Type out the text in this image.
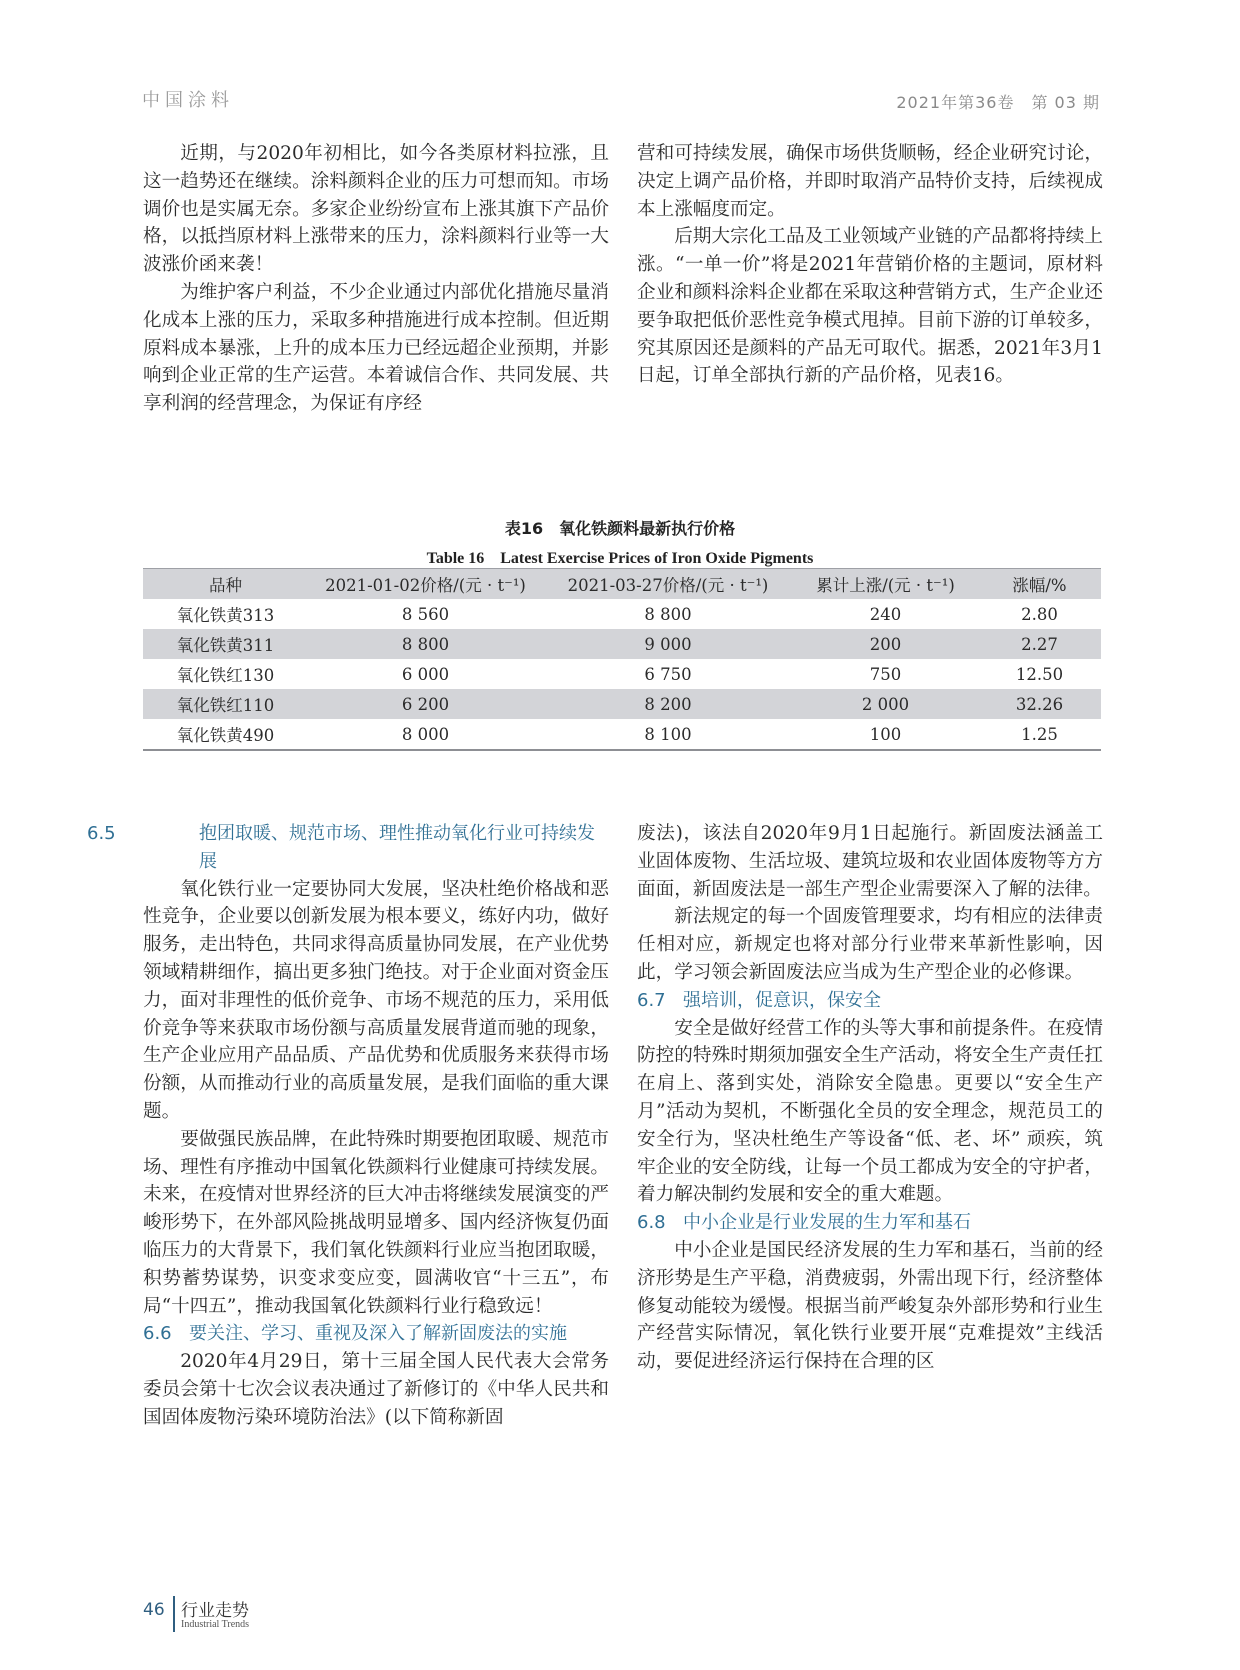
中国涂料	2021年第36卷　第 03 期

近期，与2020年初相比，如今各类原材料拉涨，且这一趋势还在继续。涂料颜料企业的压力可想而知。市场调价也是实属无奈。多家企业纷纷宣布上涨其旗下产品价格，以抵挡原材料上涨带来的压力，涂料颜料行业等一大波涨价函来袭！

为维护客户利益，不少企业通过内部优化措施尽量消化成本上涨的压力，采取多种措施进行成本控制。但近期原料成本暴涨，上升的成本压力已经远超企业预期，并影响到企业正常的生产运营。本着诚信合作、共同发展、共享利润的经营理念，为保证有序经

营和可持续发展，确保市场供货顺畅，经企业研究讨论，决定上调产品价格，并即时取消产品特价支持，后续视成本上涨幅度而定。

后期大宗化工品及工业领域产业链的产品都将持续上涨。“一单一价”将是2021年营销价格的主题词，原材料企业和颜料涂料企业都在采取这种营销方式，生产企业还要争取把低价恶性竞争模式甩掉。目前下游的订单较多，究其原因还是颜料的产品无可取代。据悉，2021年3月1日起，订单全部执行新的产品价格，见表16。

表16　氧化铁颜料最新执行价格
Table 16　Latest Exercise Prices of Iron Oxide Pigments
品种	2021-01-02价格/(元 · t⁻¹)	2021-03-27价格/(元 · t⁻¹)	累计上涨/(元 · t⁻¹)	涨幅/%
氧化铁黄313	8 560	8 800	240	2.80
氧化铁黄311	8 800	9 000	200	2.27
氧化铁红130	6 000	6 750	750	12.50
氧化铁红110	6 200	8 200	2 000	32.26
氧化铁黄490	8 000	8 100	100	1.25
6.5	抱团取暖、规范市场、理性推动氧化行业可持续发展

氧化铁行业一定要协同大发展，坚决杜绝价格战和恶性竞争，企业要以创新发展为根本要义，练好内功，做好服务，走出特色，共同求得高质量协同发展，在产业优势领域精耕细作，搞出更多独门绝技。对于企业面对资金压力，面对非理性的低价竞争、市场不规范的压力，采用低价竞争等来获取市场份额与高质量发展背道而驰的现象，生产企业应用产品品质、产品优势和优质服务来获得市场份额，从而推动行业的高质量发展，是我们面临的重大课题。

要做强民族品牌，在此特殊时期要抱团取暖、规范市场、理性有序推动中国氧化铁颜料行业健康可持续发展。未来，在疫情对世界经济的巨大冲击将继续发展演变的严峻形势下，在外部风险挑战明显增多、国内经济恢复仍面临压力的大背景下，我们氧化铁颜料行业应当抱团取暖，积势蓄势谋势，识变求变应变，圆满收官“十三五”，布局“十四五”，推动我国氧化铁颜料行业行稳致远！

6.6 要关注、学习、重视及深入了解新固废法的实施

2020年4月29日，第十三届全国人民代表大会常务委员会第十七次会议表决通过了新修订的《中华人民共和国固体废物污染环境防治法》(以下简称新固

废法)，该法自2020年9月1日起施行。新固废法涵盖工业固体废物、生活垃圾、建筑垃圾和农业固体废物等方方面面，新固废法是一部生产型企业需要深入了解的法律。

新法规定的每一个固废管理要求，均有相应的法律责任相对应，新规定也将对部分行业带来革新性影响，因此，学习领会新固废法应当成为生产型企业的必修课。

6.7 强培训，促意识，保安全

安全是做好经营工作的头等大事和前提条件。在疫情防控的特殊时期须加强安全生产活动，将安全生产责任扛在肩上、落到实处，消除安全隐患。更要以“安全生产月”活动为契机，不断强化全员的安全理念，规范员工的安全行为，坚决杜绝生产等设备“低、老、坏” 顽疾，筑牢企业的安全防线，让每一个员工都成为安全的守护者，着力解决制约发展和安全的重大难题。

6.8 中小企业是行业发展的生力军和基石

中小企业是国民经济发展的生力军和基石，当前的经济形势是生产平稳，消费疲弱，外需出现下行，经济整体修复动能较为缓慢。根据当前严峻复杂外部形势和行业生产经营实际情况，氧化铁行业要开展“克难提效”主线活动，要促进经济运行保持在合理的区

46 行业走势
Industrial Trends
